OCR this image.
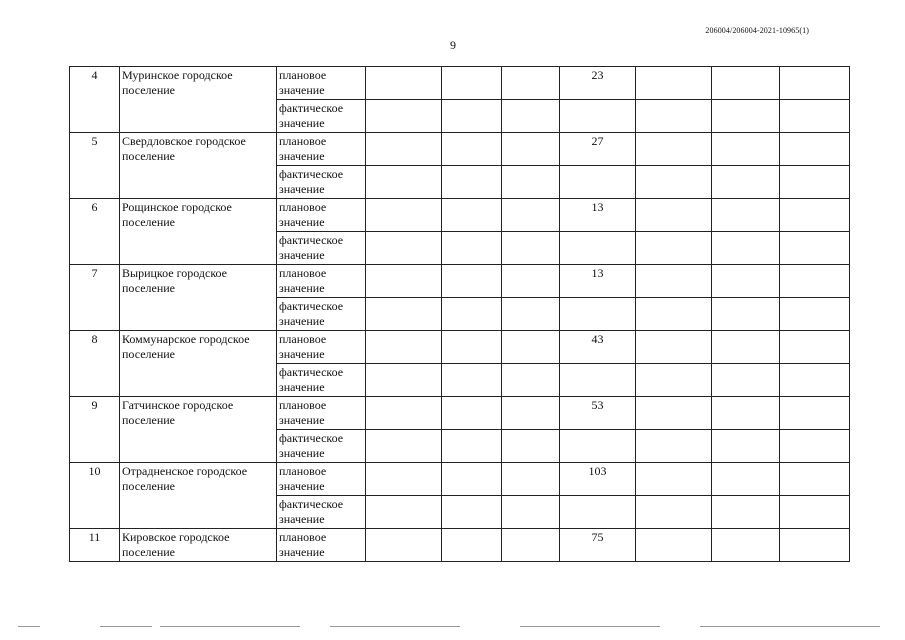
206004/206004-2021-10965(1)
9
4	Муринское городское поселение	плановое значение				23			
		фактическое значение							
5	Свердловское городское поселение	плановое значение				27			
		фактическое значение							
6	Рощинское городское поселение	плановое значение				13			
		фактическое значение							
7	Вырицкое городское поселение	плановое значение				13			
		фактическое значение							
8	Коммунарское городское поселение	плановое значение				43			
		фактическое значение							
9	Гатчинское городское поселение	плановое значение				53			
		фактическое значение							
10	Отрадненское городское поселение	плановое значение				103			
		фактическое значение							
11	Кировское городское поселение	плановое значение				75			
